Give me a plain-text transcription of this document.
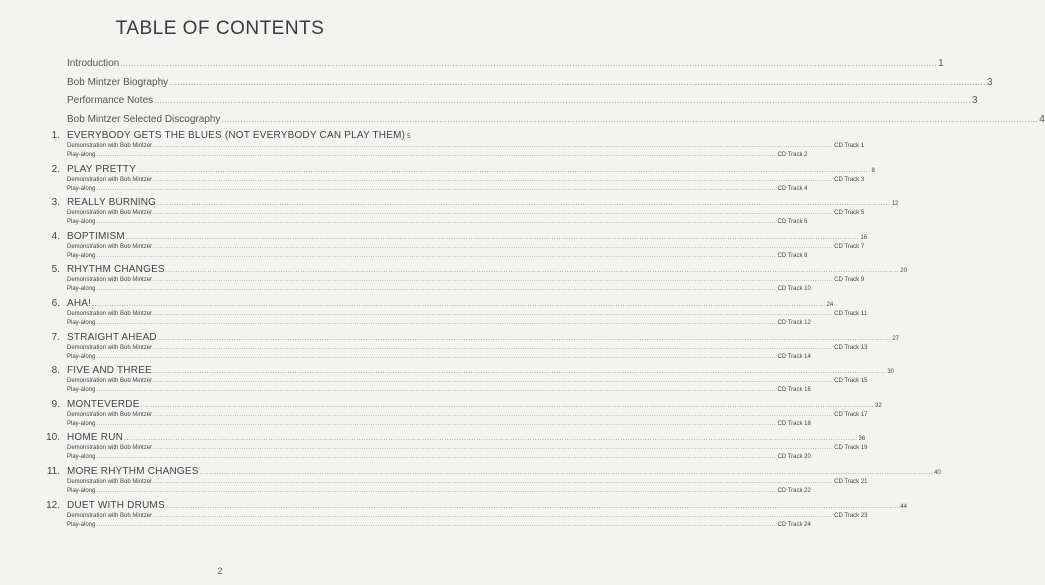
TABLE OF CONTENTS
Introduction ............................................................................................................................................................................................................................................................................................................ 1
Bob Mintzer Biography ............................................................................................................................................................................................................................................................................................................ 3
Performance Notes ............................................................................................................................................................................................................................................................................................................ 3
Bob Mintzer Selected Discography ............................................................................................................................................................................................................................................................................................................ 4
1. EVERYBODY GETS THE BLUES (NOT EVERYBODY CAN PLAY THEM) 5
Demonstration with Bob Mintzer ............................................................................................................................................................................................................................................................................................................ CD Track 1
Play-along ............................................................................................................................................................................................................................................................................................................ CD Track 2
2. PLAY PRETTY ............................................................................................................................................................................................................................................................................................................ 8
Demonstration with Bob Mintzer ............................................................................................................................................................................................................................................................................................................ CD Track 3
Play-along ............................................................................................................................................................................................................................................................................................................ CD Track 4
3. REALLY BURNING ............................................................................................................................................................................................................................................................................................................ 12
Demonstration with Bob Mintzer ............................................................................................................................................................................................................................................................................................................ CD Track 5
Play-along ............................................................................................................................................................................................................................................................................................................ CD Track 6
4. BOPTIMISM ............................................................................................................................................................................................................................................................................................................ 16
Demonstration with Bob Mintzer ............................................................................................................................................................................................................................................................................................................ CD Track 7
Play-along ............................................................................................................................................................................................................................................................................................................ CD Track 8
5. RHYTHM CHANGES ............................................................................................................................................................................................................................................................................................................ 20
Demonstration with Bob Mintzer ............................................................................................................................................................................................................................................................................................................ CD Track 9
Play-along ............................................................................................................................................................................................................................................................................................................ CD Track 10
6. AHA! ............................................................................................................................................................................................................................................................................................................ 24
Demonstration with Bob Mintzer ............................................................................................................................................................................................................................................................................................................ CD Track 11
Play-along ............................................................................................................................................................................................................................................................................................................ CD Track 12
7. STRAIGHT AHEAD ............................................................................................................................................................................................................................................................................................................ 27
Demonstration with Bob Mintzer ............................................................................................................................................................................................................................................................................................................ CD Track 13
Play-along ............................................................................................................................................................................................................................................................................................................ CD Track 14
8. FIVE AND THREE ............................................................................................................................................................................................................................................................................................................ 30
Demonstration with Bob Mintzer ............................................................................................................................................................................................................................................................................................................ CD Track 15
Play-along ............................................................................................................................................................................................................................................................................................................ CD Track 16
9. MONTEVERDE ............................................................................................................................................................................................................................................................................................................ 32
Demonstration with Bob Mintzer ............................................................................................................................................................................................................................................................................................................ CD Track 17
Play-along ............................................................................................................................................................................................................................................................................................................ CD Track 18
10. HOME RUN ............................................................................................................................................................................................................................................................................................................ 36
Demonstration with Bob Mintzer ............................................................................................................................................................................................................................................................................................................ CD Track 19
Play-along ............................................................................................................................................................................................................................................................................................................ CD Track 20
11. MORE RHYTHM CHANGES ............................................................................................................................................................................................................................................................................................................ 40
Demonstration with Bob Mintzer ............................................................................................................................................................................................................................................................................................................ CD Track 21
Play-along ............................................................................................................................................................................................................................................................................................................ CD Track 22
12. DUET WITH DRUMS ............................................................................................................................................................................................................................................................................................................ 44
Demonstration with Bob Mintzer ............................................................................................................................................................................................................................................................................................................ CD Track 23
Play-along ............................................................................................................................................................................................................................................................................................................ CD Track 24
2
